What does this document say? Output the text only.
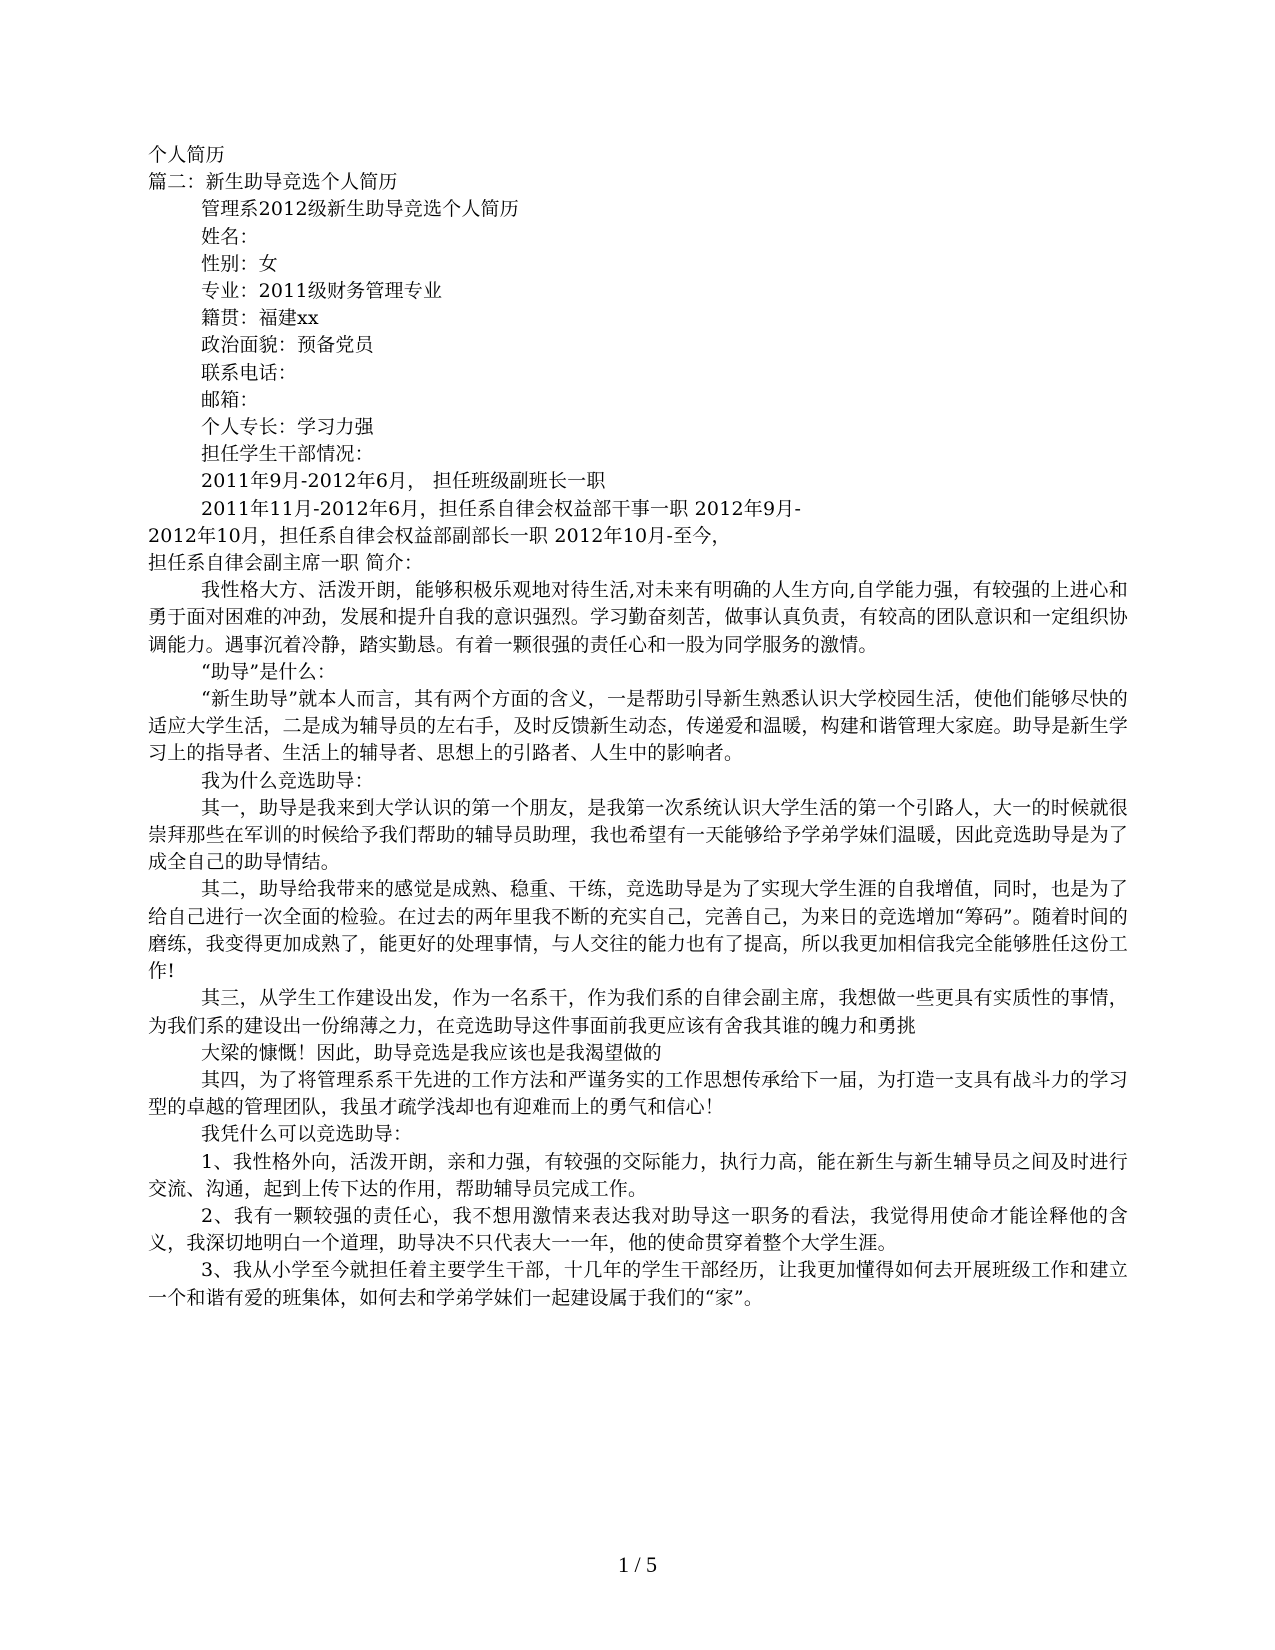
个人简历

篇二：新生助导竞选个人简历

管理系2012级新生助导竞选个人简历

姓名：

性别：女

专业：2011级财务管理专业

籍贯：福建xx

政治面貌：预备党员

联系电话：

邮箱：

个人专长：学习力强

担任学生干部情况：

2011年9月-2012年6月， 担任班级副班长一职

2011年11月-2012年6月，担任系自律会权益部干事一职 2012年9月-

2012年10月，担任系自律会权益部副部长一职 2012年10月-至今，

担任系自律会副主席一职 简介：

我性格大方、活泼开朗，能够积极乐观地对待生活,对未来有明确的人生方向,自学能力强，有较强的上进心和勇于面对困难的冲劲，发展和提升自我的意识强烈。学习勤奋刻苦，做事认真负责，有较高的团队意识和一定组织协调能力。遇事沉着冷静，踏实勤恳。有着一颗很强的责任心和一股为同学服务的激情。

“助导”是什么：

“新生助导”就本人而言，其有两个方面的含义，一是帮助引导新生熟悉认识大学校园生活，使他们能够尽快的适应大学生活，二是成为辅导员的左右手，及时反馈新生动态，传递爱和温暖，构建和谐管理大家庭。助导是新生学习上的指导者、生活上的辅导者、思想上的引路者、人生中的影响者。

我为什么竞选助导：

其一，助导是我来到大学认识的第一个朋友，是我第一次系统认识大学生活的第一个引路人，大一的时候就很崇拜那些在军训的时候给予我们帮助的辅导员助理，我也希望有一天能够给予学弟学妹们温暖，因此竞选助导是为了成全自己的助导情结。

其二，助导给我带来的感觉是成熟、稳重、干练，竞选助导是为了实现大学生涯的自我增值，同时，也是为了给自己进行一次全面的检验。在过去的两年里我不断的充实自己，完善自己，为来日的竞选增加“筹码”。随着时间的磨练，我变得更加成熟了，能更好的处理事情，与人交往的能力也有了提高，所以我更加相信我完全能够胜任这份工作!

其三，从学生工作建设出发，作为一名系干，作为我们系的自律会副主席，我想做一些更具有实质性的事情，为我们系的建设出一份绵薄之力，在竞选助导这件事面前我更应该有舍我其谁的魄力和勇挑

大梁的慷慨！因此，助导竞选是我应该也是我渴望做的

其四，为了将管理系系干先进的工作方法和严谨务实的工作思想传承给下一届，为打造一支具有战斗力的学习型的卓越的管理团队，我虽才疏学浅却也有迎难而上的勇气和信心！

我凭什么可以竞选助导：

1、我性格外向，活泼开朗，亲和力强，有较强的交际能力，执行力高，能在新生与新生辅导员之间及时进行交流、沟通，起到上传下达的作用，帮助辅导员完成工作。

2、我有一颗较强的责任心，我不想用激情来表达我对助导这一职务的看法，我觉得用使命才能诠释他的含义，我深切地明白一个道理，助导决不只代表大一一年，他的使命贯穿着整个大学生涯。

3、我从小学至今就担任着主要学生干部，十几年的学生干部经历，让我更加懂得如何去开展班级工作和建立一个和谐有爱的班集体，如何去和学弟学妹们一起建设属于我们的“家”。

1 / 5
